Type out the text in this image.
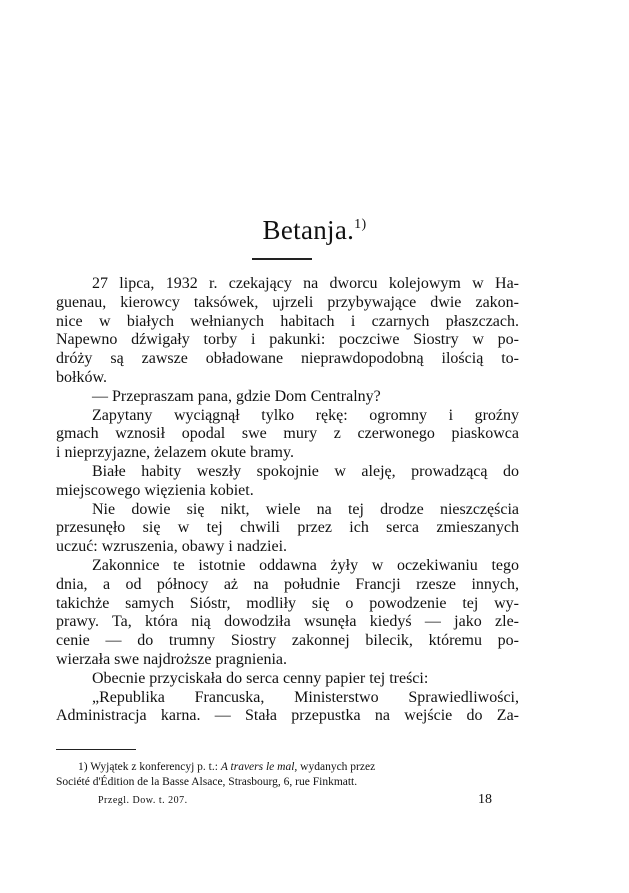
Betanja.$^{1)}$

27 lipca, 1932 r. czekający na dworcu kolejowym w Ha-
guenau, kierowcy taksówek, ujrzeli przybywające dwie zakon-
nice w białych wełnianych habitach i czarnych płaszczach.
Napewno dźwigały torby i pakunki: poczciwe Siostry w po-
dróży są zawsze obładowane nieprawdopodobną ilością to-
bołków.

— Przepraszam pana, gdzie Dom Centralny?

Zapytany wyciągnął tylko rękę: ogromny i groźny
gmach wznosił opodal swe mury z czerwonego piaskowca
i nieprzyjazne, żelazem okute bramy.

Białe habity weszły spokojnie w aleję, prowadzącą do
miejscowego więzienia kobiet.

Nie dowie się nikt, wiele na tej drodze nieszczęścia
przesunęło się w tej chwili przez ich serca zmieszanych
uczuć: wzruszenia, obawy i nadziei.

Zakonnice te istotnie oddawna żyły w oczekiwaniu tego
dnia, a od północy aż na południe Francji rzesze innych,
takichże samych Sióstr, modliły się o powodzenie tej wy-
prawy. Ta, która nią dowodziła wsunęła kiedyś — jako zle-
cenie — do trumny Siostry zakonnej bilecik, któremu po-
wierzała swe najdroższe pragnienia.

Obecnie przyciskała do serca cenny papier tej treści:

„Republika Francuska, Ministerstwo Sprawiedliwości,
Administracja karna. — Stała przepustka na wejście do Za-

1) Wyjątek z konferencyj p. t.: A travers le mal, wydanych przez
Société d'Édition de la Basse Alsace, Strasbourg, 6, rue Finkmatt.
Przegl. Dow. t. 207.	18
